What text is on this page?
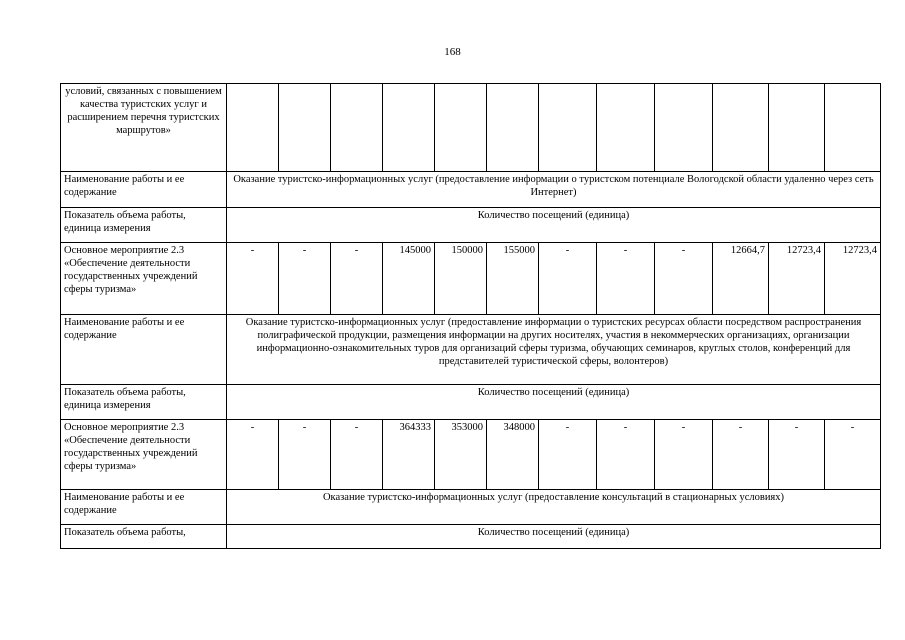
168
условий, связанных с повышением качества туристских услуг и расширением перечня туристских маршрутов»												
Наименование работы и ее содержание	Оказание туристско-информационных услуг (предоставление информации о туристском потенциале Вологодской области удаленно через сеть Интернет)											
Показатель объема работы, единица измерения	Количество посещений (единица)											
Основное мероприятие 2.3 «Обеспечение деятельности государственных учреждений сферы туризма»	-	-	-	145000	150000	155000	-	-	-	12664,7	12723,4	12723,4
Наименование работы и ее содержание	Оказание туристско-информационных услуг (предоставление информации о туристских ресурсах области посредством распространения полиграфической продукции, размещения информации на других носителях, участия в некоммерческих организациях, организации информационно-ознакомительных туров для организаций сферы туризма, обучающих семинаров, круглых столов, конференций для представителей туристической сферы, волонтеров)											
Показатель объема работы, единица измерения	Количество посещений (единица)											
Основное мероприятие 2.3 «Обеспечение деятельности государственных учреждений сферы туризма»	-	-	-	364333	353000	348000	-	-	-	-	-	-
Наименование работы и ее содержание	Оказание туристско-информационных услуг (предоставление консультаций в стационарных условиях)											
Показатель объема работы,	Количество посещений (единица)											
